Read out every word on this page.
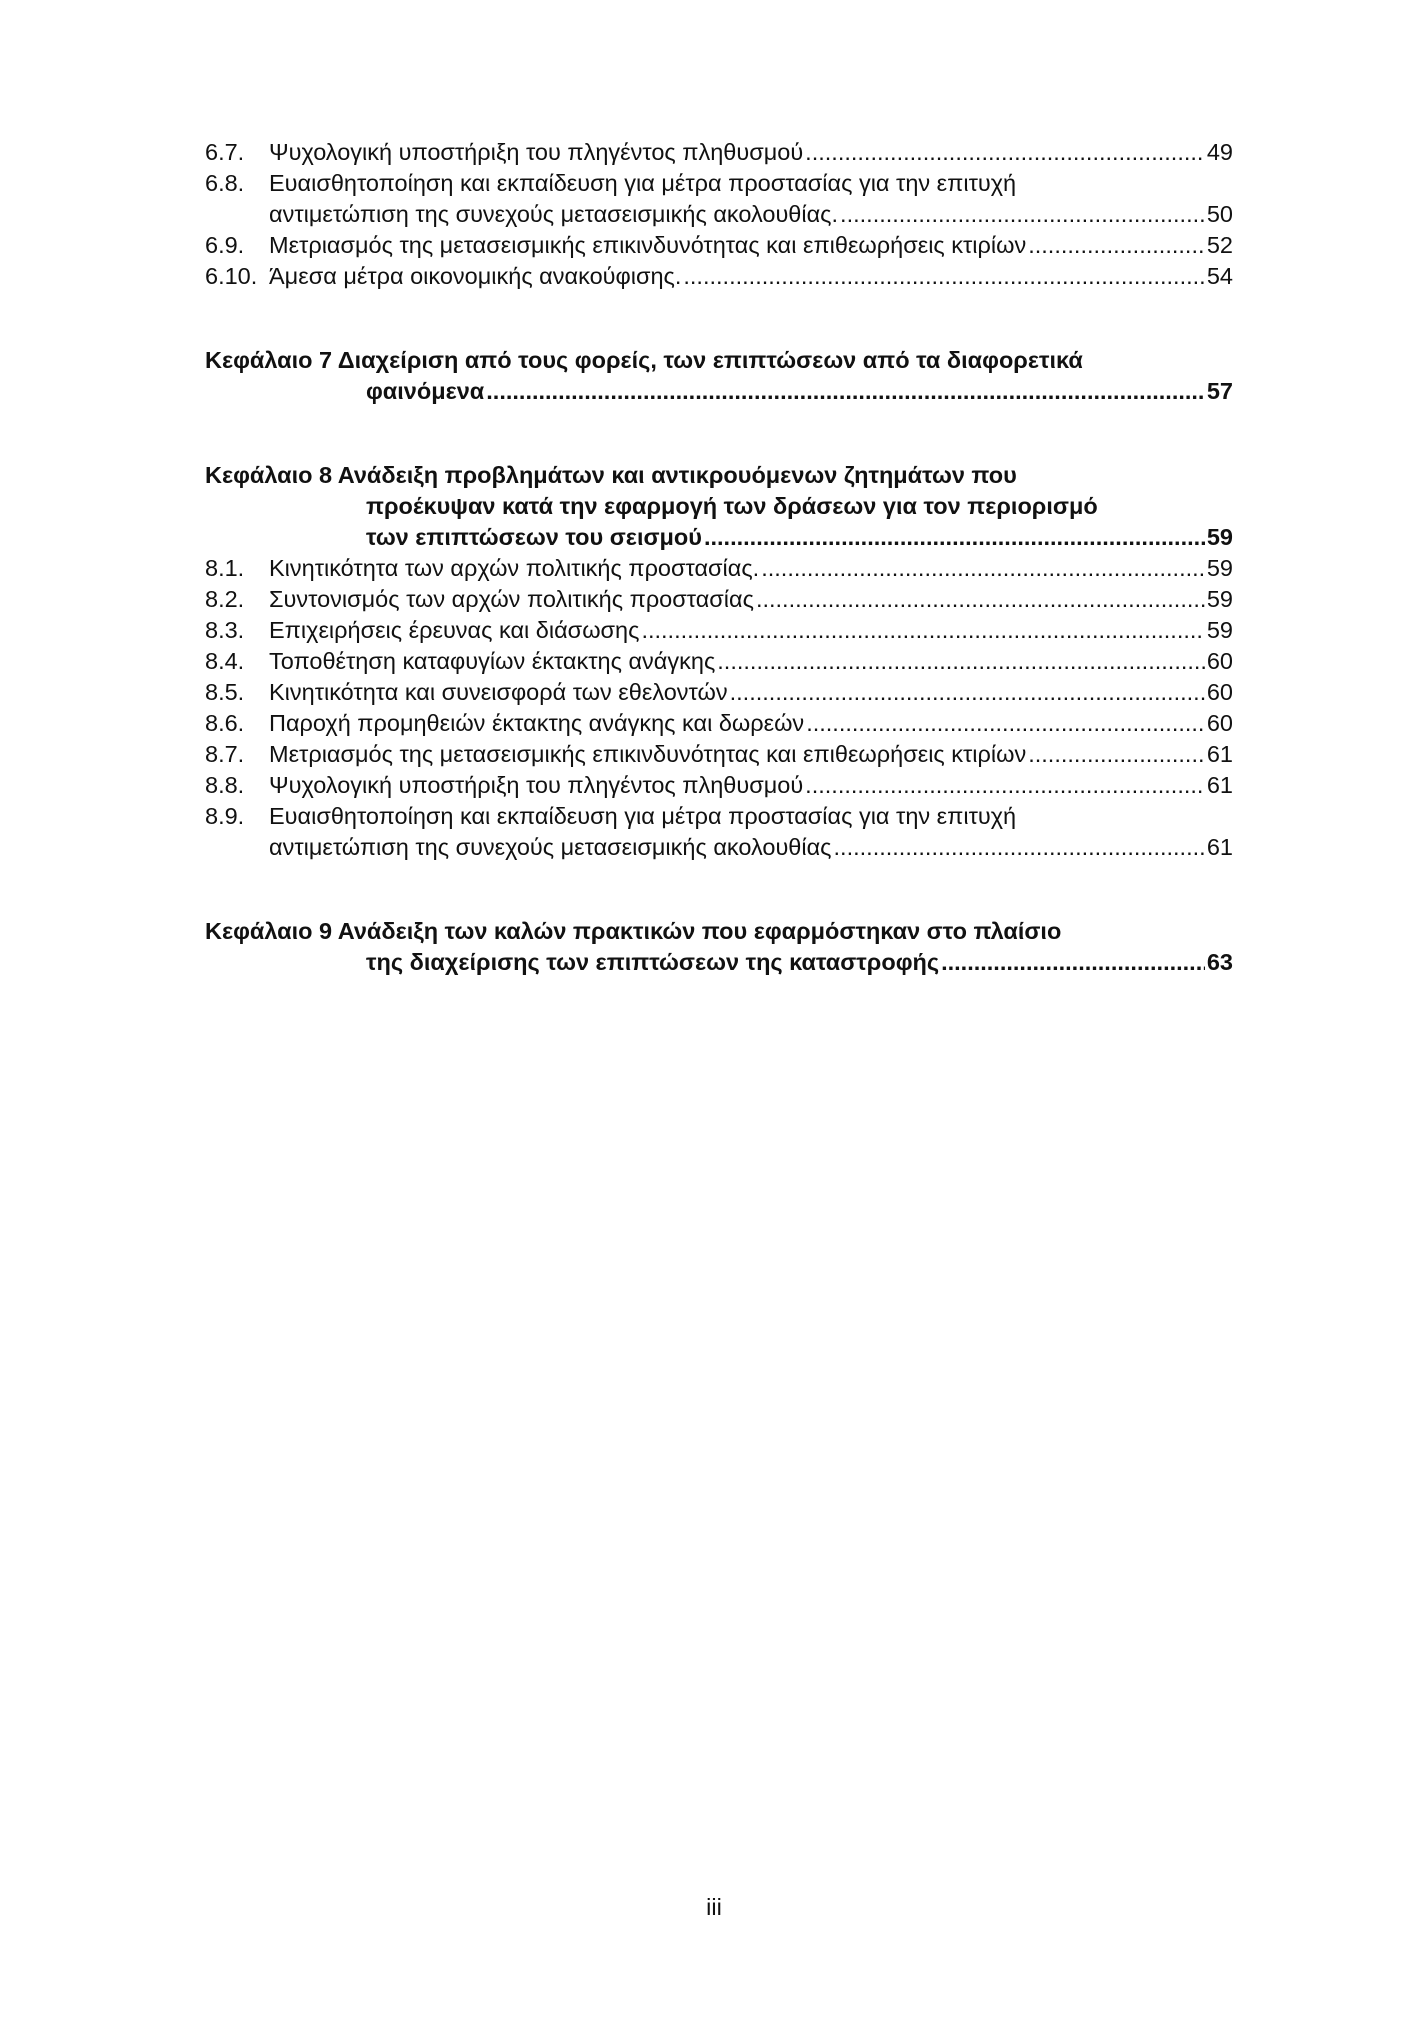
6.7. Ψυχολογική υποστήριξη του πληγέντος πληθυσμού .....	49
6.8. Ευαισθητοποίηση και εκπαίδευση για μέτρα προστασίας για την επιτυχή
αντιμετώπιση της συνεχούς μετασεισμικής ακολουθίας. .....	50
6.9. Μετριασμός της μετασεισμικής επικινδυνότητας και επιθεωρήσεις κτιρίων .....	52
6.10. Άμεσα μέτρα οικονομικής ανακούφισης. .....	54
Κεφάλαιο 7 Διαχείριση από τους φορείς, των επιπτώσεων από τα διαφορετικά
φαινόμενα .....	57
Κεφάλαιο 8 Ανάδειξη προβλημάτων και αντικρουόμενων ζητημάτων που
προέκυψαν κατά την εφαρμογή των δράσεων για τον περιορισμό
των επιπτώσεων του σεισμού .....	59
8.1. Κινητικότητα των αρχών πολιτικής προστασίας. .....	59
8.2. Συντονισμός των αρχών πολιτικής προστασίας .....	59
8.3. Επιχειρήσεις έρευνας και διάσωσης .....	59
8.4. Τοποθέτηση καταφυγίων έκτακτης ανάγκης .....	60
8.5. Κινητικότητα και συνεισφορά των εθελοντών .....	60
8.6. Παροχή προμηθειών έκτακτης ανάγκης και δωρεών .....	60
8.7. Μετριασμός της μετασεισμικής επικινδυνότητας και επιθεωρήσεις κτιρίων .....	61
8.8. Ψυχολογική υποστήριξη του πληγέντος πληθυσμού .....	61
8.9. Ευαισθητοποίηση και εκπαίδευση για μέτρα προστασίας για την επιτυχή
αντιμετώπιση της συνεχούς μετασεισμικής ακολουθίας .....	61
Κεφάλαιο 9 Ανάδειξη των καλών πρακτικών που εφαρμόστηκαν στο πλαίσιο
της διαχείρισης των επιπτώσεων της καταστροφής .....	63
iii
